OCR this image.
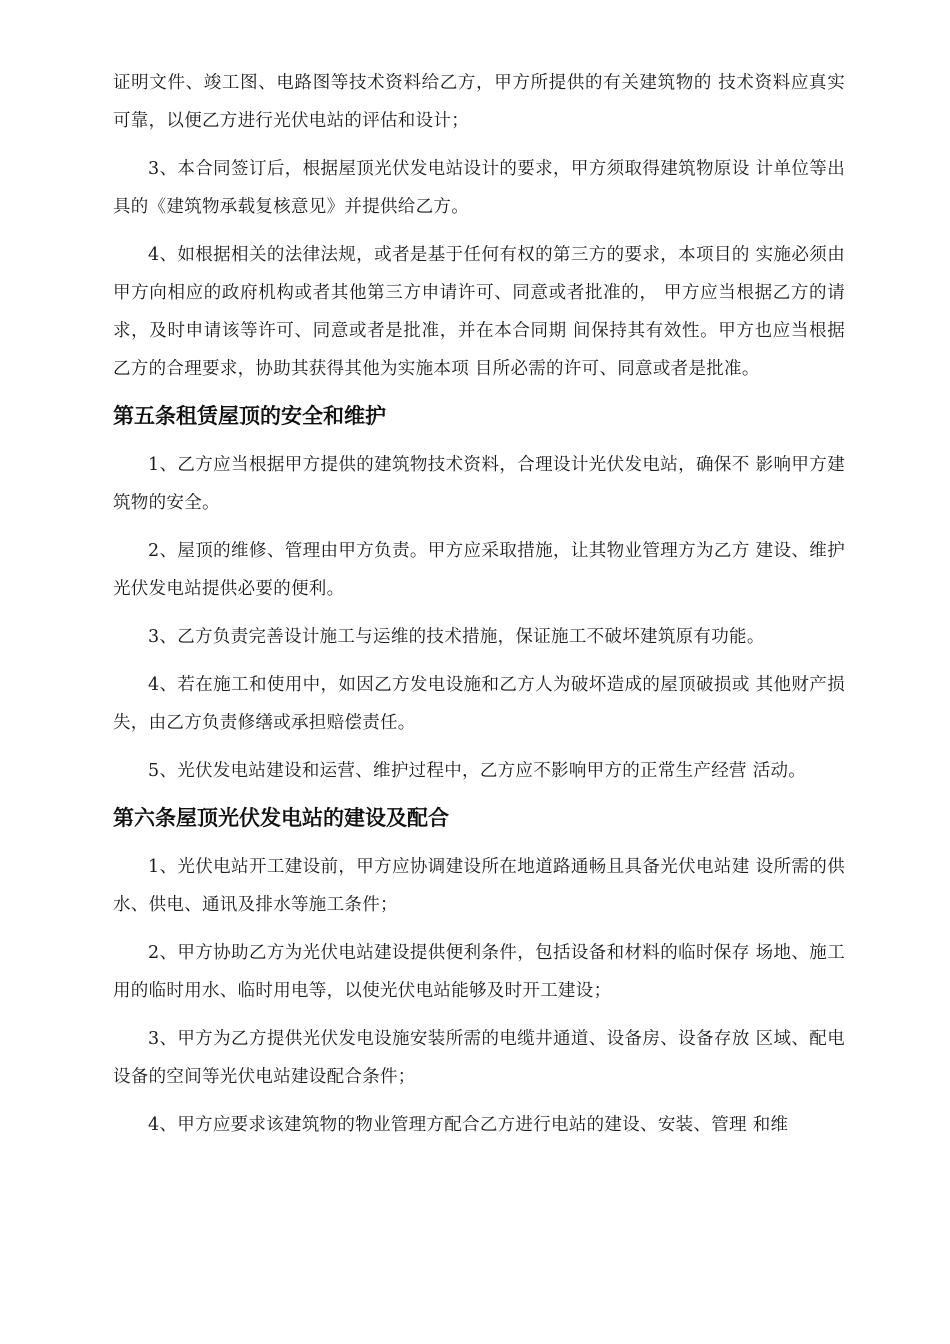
证明文件、竣工图、电路图等技术资料给乙方，甲方所提供的有关建筑物的 技术资料应真实可靠，以便乙方进行光伏电站的评估和设计；

3、本合同签订后，根据屋顶光伏发电站设计的要求，甲方须取得建筑物原设 计单位等出具的《建筑物承载复核意见》并提供给乙方。

4、如根据相关的法律法规，或者是基于任何有权的第三方的要求，本项目的 实施必须由甲方向相应的政府机构或者其他第三方申请许可、同意或者批准的， 甲方应当根据乙方的请求，及时申请该等许可、同意或者是批准，并在本合同期 间保持其有效性。甲方也应当根据乙方的合理要求，协助其获得其他为实施本项 目所必需的许可、同意或者是批准。

第五条租赁屋顶的安全和维护

1、乙方应当根据甲方提供的建筑物技术资料，合理设计光伏发电站，确保不 影响甲方建筑物的安全。

2、屋顶的维修、管理由甲方负责。甲方应采取措施，让其物业管理方为乙方 建设、维护光伏发电站提供必要的便利。

3、乙方负责完善设计施工与运维的技术措施，保证施工不破坏建筑原有功能。

4、若在施工和使用中，如因乙方发电设施和乙方人为破坏造成的屋顶破损或 其他财产损失，由乙方负责修缮或承担赔偿责任。

5、光伏发电站建设和运营、维护过程中，乙方应不影响甲方的正常生产经营 活动。

第六条屋顶光伏发电站的建设及配合

1、光伏电站开工建设前，甲方应协调建设所在地道路通畅且具备光伏电站建 设所需的供水、供电、通讯及排水等施工条件；

2、甲方协助乙方为光伏电站建设提供便利条件，包括设备和材料的临时保存 场地、施工用的临时用水、临时用电等，以使光伏电站能够及时开工建设；

3、甲方为乙方提供光伏发电设施安装所需的电缆井通道、设备房、设备存放 区域、配电设备的空间等光伏电站建设配合条件；

4、甲方应要求该建筑物的物业管理方配合乙方进行电站的建设、安装、管理 和维
